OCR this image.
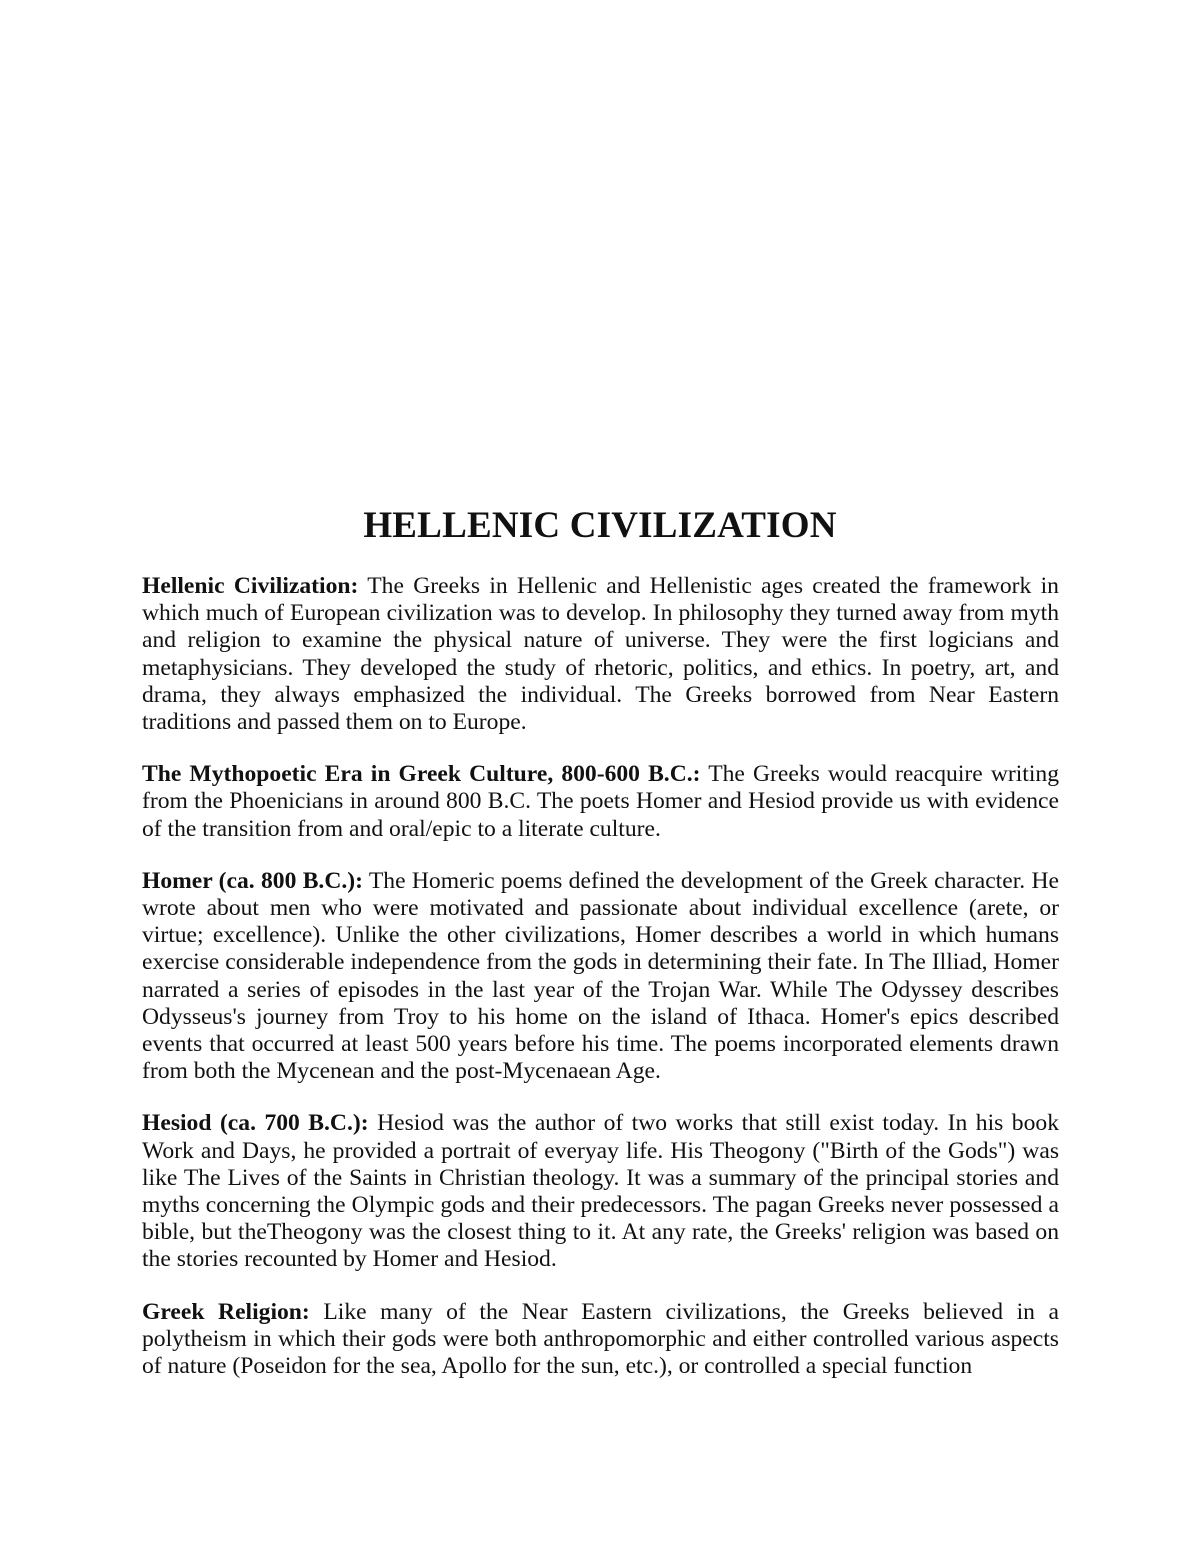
HELLENIC CIVILIZATION

Hellenic Civilization: The Greeks in Hellenic and Hellenistic ages created the framework in which much of European civilization was to develop. In philosophy they turned away from myth and religion to examine the physical nature of universe. They were the first logicians and metaphysicians. They developed the study of rhetoric, politics, and ethics. In poetry, art, and drama, they always emphasized the individual. The Greeks borrowed from Near Eastern traditions and passed them on to Europe.

The Mythopoetic Era in Greek Culture, 800-600 B.C.: The Greeks would reacquire writing from the Phoenicians in around 800 B.C. The poets Homer and Hesiod provide us with evidence of the transition from and oral/epic to a literate culture.

Homer (ca. 800 B.C.): The Homeric poems defined the development of the Greek character. He wrote about men who were motivated and passionate about individual excellence (arete, or virtue; excellence). Unlike the other civilizations, Homer describes a world in which humans exercise considerable independence from the gods in determining their fate. In The Illiad, Homer narrated a series of episodes in the last year of the Trojan War. While The Odyssey describes Odysseus's journey from Troy to his home on the island of Ithaca. Homer's epics described events that occurred at least 500 years before his time. The poems incorporated elements drawn from both the Mycenean and the post-Mycenaean Age.

Hesiod (ca. 700 B.C.): Hesiod was the author of two works that still exist today. In his book Work and Days, he provided a portrait of everyay life. His Theogony ("Birth of the Gods") was like The Lives of the Saints in Christian theology. It was a summary of the principal stories and myths concerning the Olympic gods and their predecessors. The pagan Greeks never possessed a bible, but theTheogony was the closest thing to it. At any rate, the Greeks' religion was based on the stories recounted by Homer and Hesiod.

Greek Religion: Like many of the Near Eastern civilizations, the Greeks believed in a polytheism in which their gods were both anthropomorphic and either controlled various aspects of nature (Poseidon for the sea, Apollo for the sun, etc.), or controlled a special function
